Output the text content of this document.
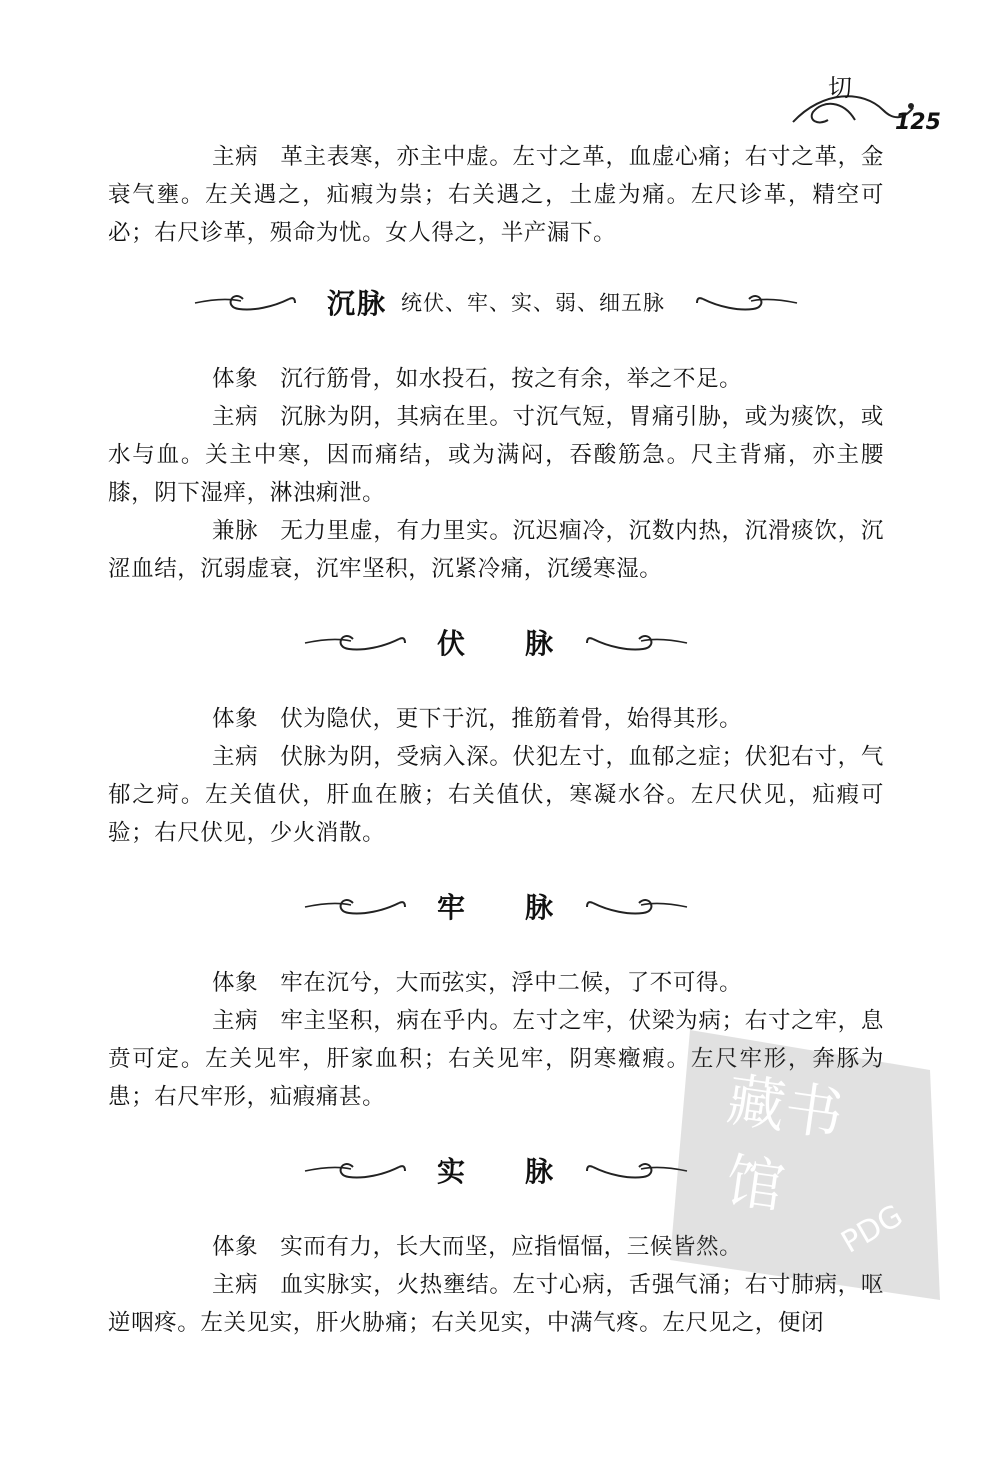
切
125

主病 革主表寒，亦主中虚。左寸之革，血虚心痛；右寸之革，金衰气壅。左关遇之，疝瘕为祟；右关遇之，土虚为痛。左尺诊革，精空可必；右尺诊革，殒命为忧。女人得之，半产漏下。

沉脉 统伏、牢、实、弱、细五脉

体象 沉行筋骨，如水投石，按之有余，举之不足。

主病 沉脉为阴，其病在里。寸沉气短，胃痛引胁，或为痰饮，或水与血。关主中寒，因而痛结，或为满闷，吞酸筋急。尺主背痛，亦主腰膝，阴下湿痒，淋浊痢泄。

兼脉 无力里虚，有力里实。沉迟痼冷，沉数内热，沉滑痰饮，沉涩血结，沉弱虚衰，沉牢坚积，沉紧冷痛，沉缓寒湿。

伏 脉

体象 伏为隐伏，更下于沉，推筋着骨，始得其形。

主病 伏脉为阴，受病入深。伏犯左寸，血郁之症；伏犯右寸，气郁之疴。左关值伏，肝血在腋；右关值伏，寒凝水谷。左尺伏见，疝瘕可验；右尺伏见，少火消散。

牢 脉

体象 牢在沉兮，大而弦实，浮中二候，了不可得。

主病 牢主坚积，病在乎内。左寸之牢，伏梁为病；右寸之牢，息贲可定。左关见牢，肝家血积；右关见牢，阴寒癥瘕。左尺牢形，奔豚为患；右尺牢形，疝瘕痛甚。

实 脉

体象 实而有力，长大而坚，应指愊愊，三候皆然。

主病 血实脉实，火热壅结。左寸心病，舌强气涌；右寸肺病，呕逆咽疼。左关见实，肝火胁痛；右关见实，中满气疼。左尺见之，便闭

藏书
馆
PDG
